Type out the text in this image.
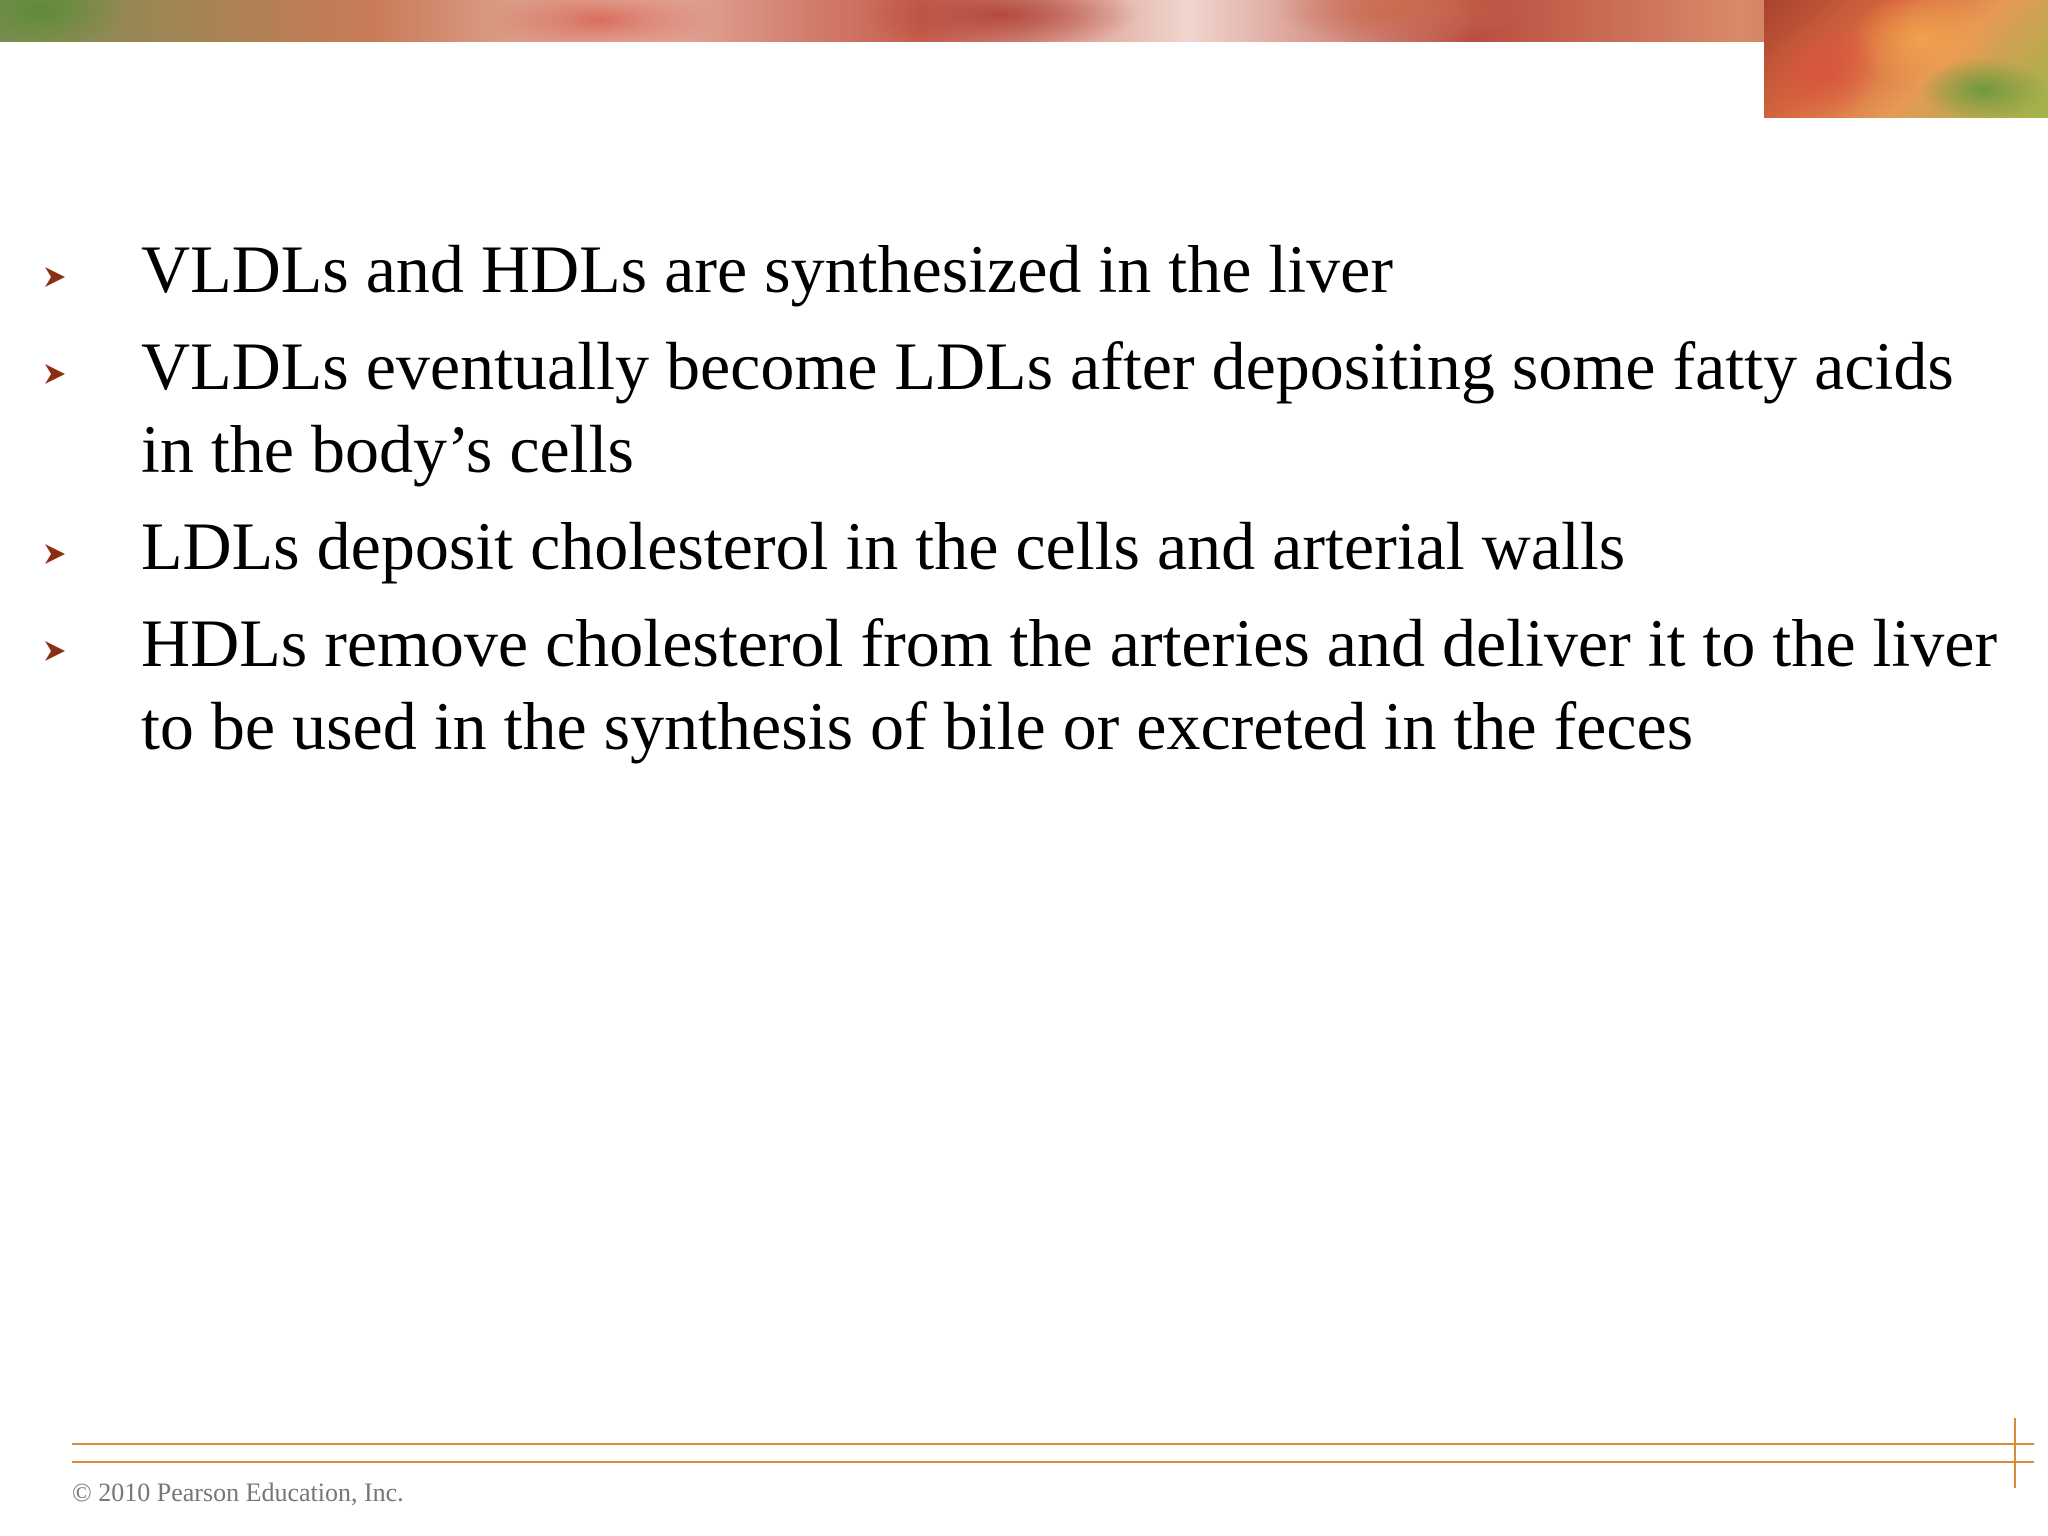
VLDLs and HDLs are synthesized in the liver
VLDLs eventually become LDLs after depositing some fatty acids in the body’s cells
LDLs deposit cholesterol in the cells and arterial walls
HDLs remove cholesterol from the arteries and deliver it to the liver to be used in the synthesis of bile or excreted in the feces
© 2010 Pearson Education, Inc.
